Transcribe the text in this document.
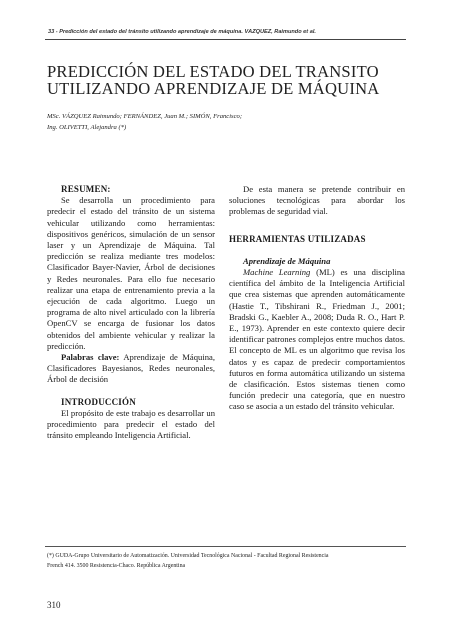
33 - Predicción del estado del tránsito utilizando aprendizaje de máquina. VÁZQUEZ, Raimundo et al.
PREDICCIÓN DEL ESTADO DEL TRANSITO
UTILIZANDO APRENDIZAJE DE MÁQUINA
MSc. VÁZQUEZ Raimundo; FERNÁNDEZ, Juan M.; SIMÓN, Francisco;
Ing. OLIVETTI, Alejandra (*)
RESUMEN:

Se desarrolla un procedimiento para predecir el estado del tránsito de un sistema vehicular utilizando como herramientas: dispositivos genéricos, simulación de un sensor laser y un Aprendizaje de Máquina. Tal predicción se realiza mediante tres modelos: Clasificador Bayer-Navier, Árbol de decisiones y Redes neuronales. Para ello fue necesario realizar una etapa de entrenamiento previa a la ejecución de cada algoritmo. Luego un programa de alto nivel articulado con la librería OpenCV se encarga de fusionar los datos obtenidos del ambiente vehicular y realizar la predicción.

Palabras clave: Aprendizaje de Máquina, Clasificadores Bayesianos, Redes neuronales, Árbol de decisión

INTRODUCCIÓN

El propósito de este trabajo es desarrollar un procedimiento para predecir el estado del tránsito empleando Inteligencia Artificial.

De esta manera se pretende contribuir en soluciones tecnológicas para abordar los problemas de seguridad vial.

HERRAMIENTAS UTILIZADAS
Aprendizaje de Máquina

Machine Learning (ML) es una disciplina científica del ámbito de la Inteligencia Artificial que crea sistemas que aprenden automáticamente (Hastie T., Tibshirani R., Friedman J., 2001; Bradski G., Kaebler A., 2008; Duda R. O., Hart P. E., 1973). Aprender en este contexto quiere decir identificar patrones complejos entre muchos datos. El concepto de ML es un algoritmo que revisa los datos y es capaz de predecir comportamientos futuros en forma automática utilizando un sistema de clasificación. Estos sistemas tienen como función predecir una categoría, que en nuestro caso se asocia a un estado del tránsito vehicular.

(*) GUDA-Grupo Universitario de Automatización. Universidad Tecnológica Nacional - Facultad Regional Resistencia
French 414. 3500 Resistencia-Chaco. República Argentina
310
